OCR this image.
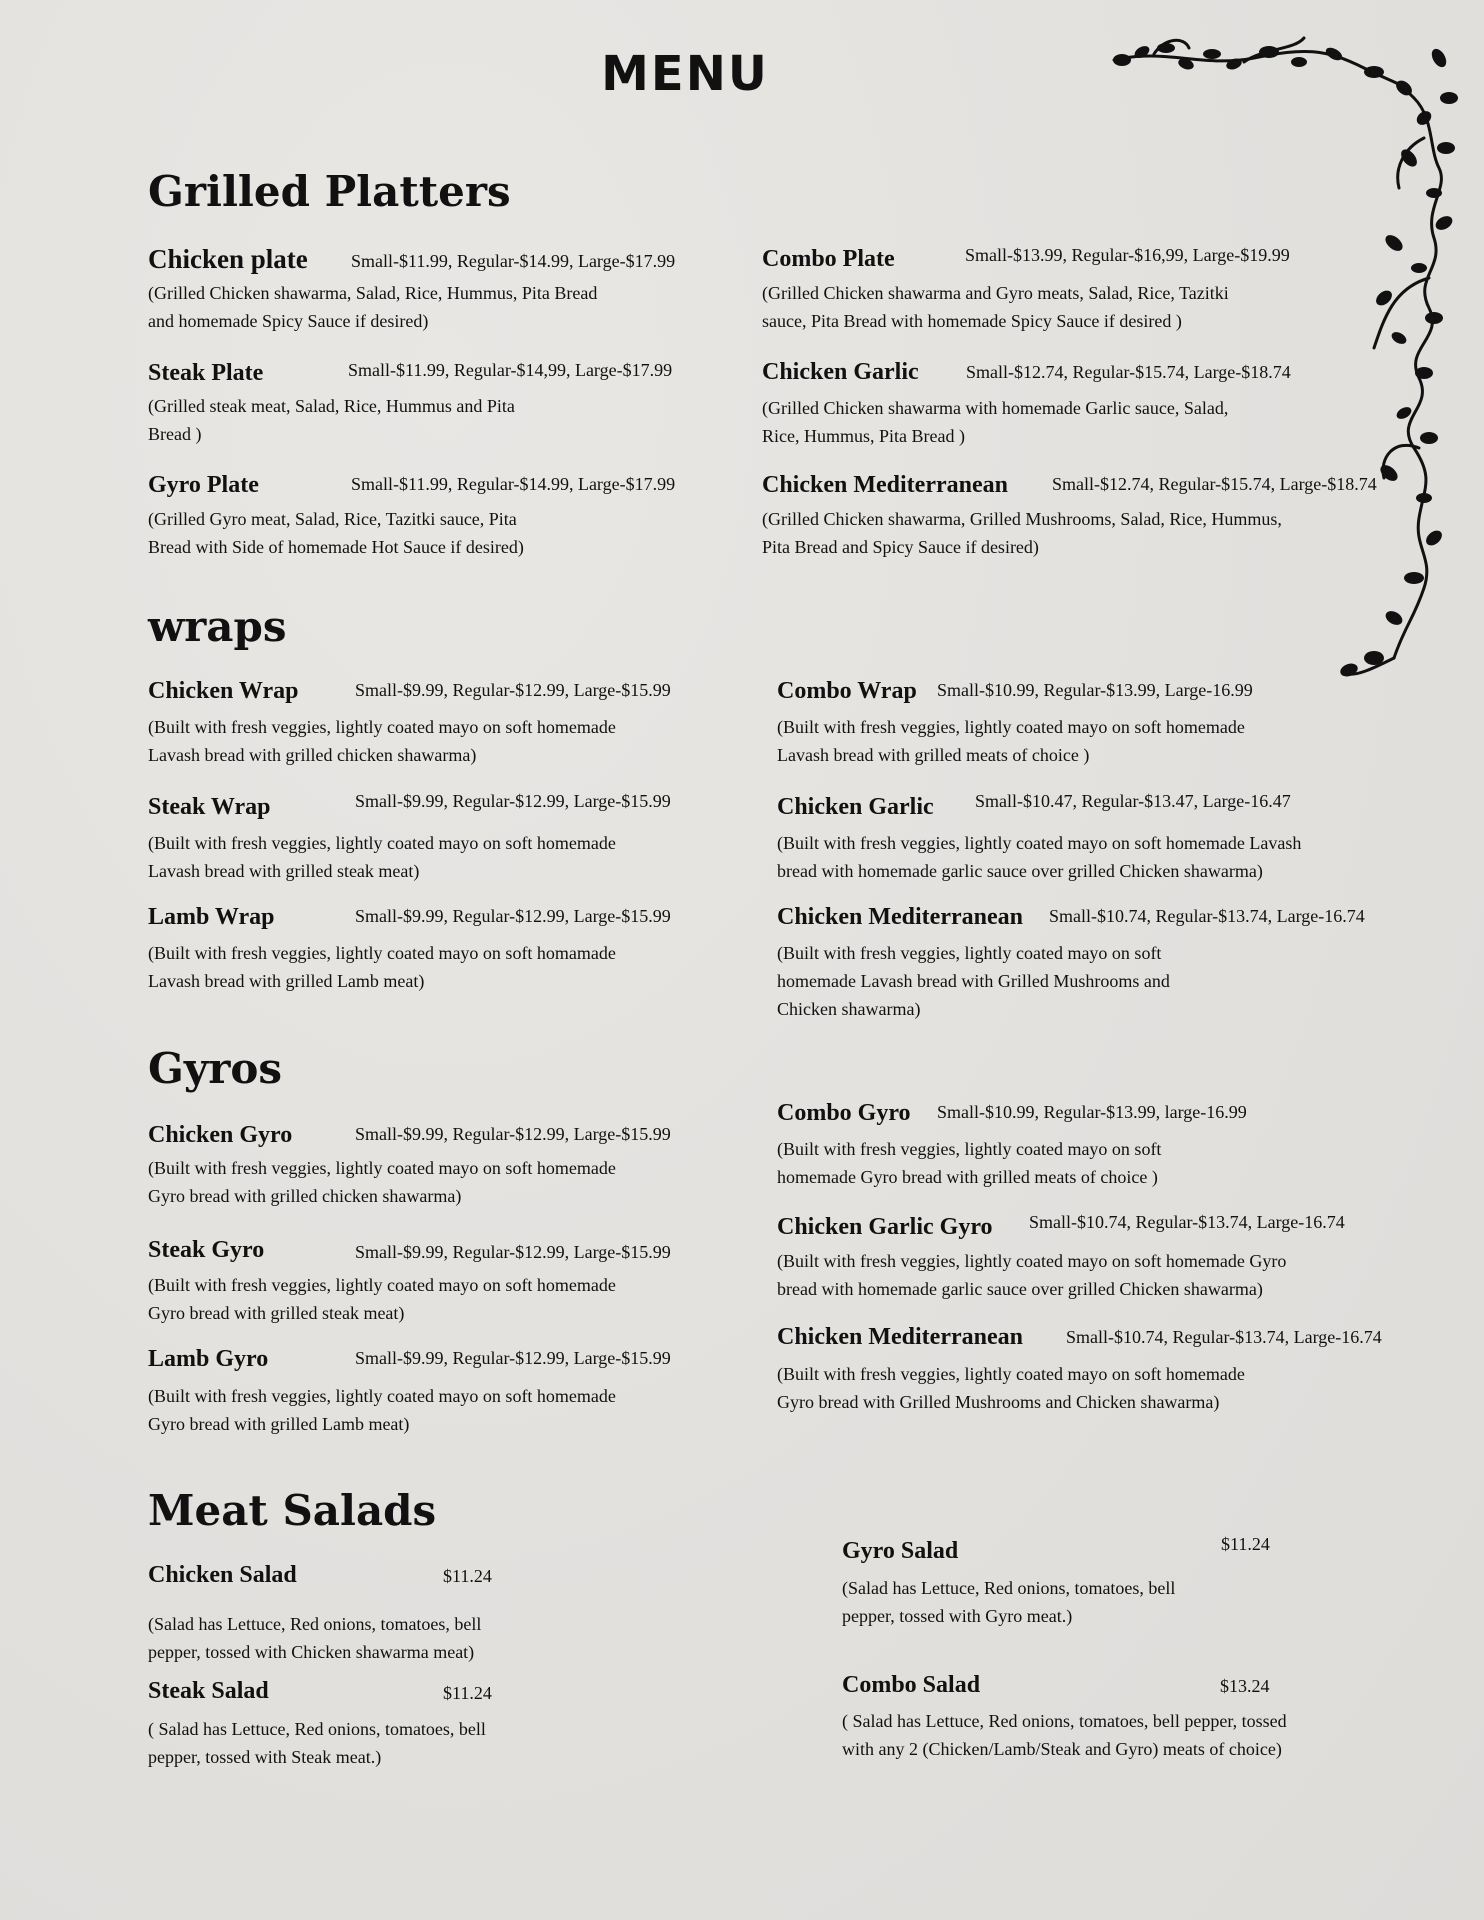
MENU
Grilled Platters
Chicken plate Small-$11.99, Regular-$14.99, Large-$17.99
(Grilled Chicken shawarma, Salad, Rice, Hummus, Pita Bread
and homemade Spicy Sauce if desired)
Combo Plate	Small-$13.99, Regular-$16,99, Large-$19.99
(Grilled Chicken shawarma and Gyro meats, Salad, Rice, Tazitki
sauce, Pita Bread with homemade Spicy Sauce if desired )
Steak Plate	Small-$11.99, Regular-$14,99, Large-$17.99
(Grilled steak meat, Salad, Rice, Hummus and Pita
Bread )
Chicken Garlic	Small-$12.74, Regular-$15.74, Large-$18.74
(Grilled Chicken shawarma with homemade Garlic sauce, Salad,
Rice, Hummus, Pita Bread )
Gyro Plate	Small-$11.99, Regular-$14.99, Large-$17.99
(Grilled Gyro meat, Salad, Rice, Tazitki sauce, Pita
Bread with Side of homemade Hot Sauce if desired)
Chicken Mediterranean Small-$12.74, Regular-$15.74, Large-$18.74
(Grilled Chicken shawarma, Grilled Mushrooms, Salad, Rice, Hummus,
Pita Bread and Spicy Sauce if desired)
wraps
Chicken Wrap	Small-$9.99, Regular-$12.99, Large-$15.99
(Built with fresh veggies, lightly coated mayo on soft homemade
Lavash bread with grilled chicken shawarma)
Combo Wrap Small-$10.99, Regular-$13.99, Large-16.99
(Built with fresh veggies, lightly coated mayo on soft homemade
Lavash bread with grilled meats of choice )
Steak Wrap	Small-$9.99, Regular-$12.99, Large-$15.99
(Built with fresh veggies, lightly coated mayo on soft homemade
Lavash bread with grilled steak meat)
Chicken Garlic Small-$10.47, Regular-$13.47, Large-16.47
(Built with fresh veggies, lightly coated mayo on soft homemade Lavash
bread with homemade garlic sauce over grilled Chicken shawarma)
Lamb Wrap	Small-$9.99, Regular-$12.99, Large-$15.99
(Built with fresh veggies, lightly coated mayo on soft homamade
Lavash bread with grilled Lamb meat)
Chicken Mediterranean Small-$10.74, Regular-$13.74, Large-16.74
(Built with fresh veggies, lightly coated mayo on soft
homemade Lavash bread with Grilled Mushrooms and
Chicken shawarma)
Gyros
Chicken Gyro	Small-$9.99, Regular-$12.99, Large-$15.99
(Built with fresh veggies, lightly coated mayo on soft homemade
Gyro bread with grilled chicken shawarma)
Combo Gyro Small-$10.99, Regular-$13.99, large-16.99
(Built with fresh veggies, lightly coated mayo on soft
homemade Gyro bread with grilled meats of choice )
Steak Gyro	Small-$9.99, Regular-$12.99, Large-$15.99
(Built with fresh veggies, lightly coated mayo on soft homemade
Gyro bread with grilled steak meat)
Chicken Garlic Gyro Small-$10.74, Regular-$13.74, Large-16.74
(Built with fresh veggies, lightly coated mayo on soft homemade Gyro
bread with homemade garlic sauce over grilled Chicken shawarma)
Lamb Gyro	Small-$9.99, Regular-$12.99, Large-$15.99
(Built with fresh veggies, lightly coated mayo on soft homemade
Gyro bread with grilled Lamb meat)
Chicken Mediterranean Small-$10.74, Regular-$13.74, Large-16.74
(Built with fresh veggies, lightly coated mayo on soft homemade
Gyro bread with Grilled Mushrooms and Chicken shawarma)
Meat Salads
Chicken Salad	$11.24
(Salad has Lettuce, Red onions, tomatoes, bell
pepper, tossed with Chicken shawarma meat)
Gyro Salad	$11.24
(Salad has Lettuce, Red onions, tomatoes, bell
pepper, tossed with Gyro meat.)
Steak Salad	$11.24
( Salad has Lettuce, Red onions, tomatoes, bell
pepper, tossed with Steak meat.)
Combo Salad	$13.24
( Salad has Lettuce, Red onions, tomatoes, bell pepper, tossed
with any 2 (Chicken/Lamb/Steak and Gyro) meats of choice)
